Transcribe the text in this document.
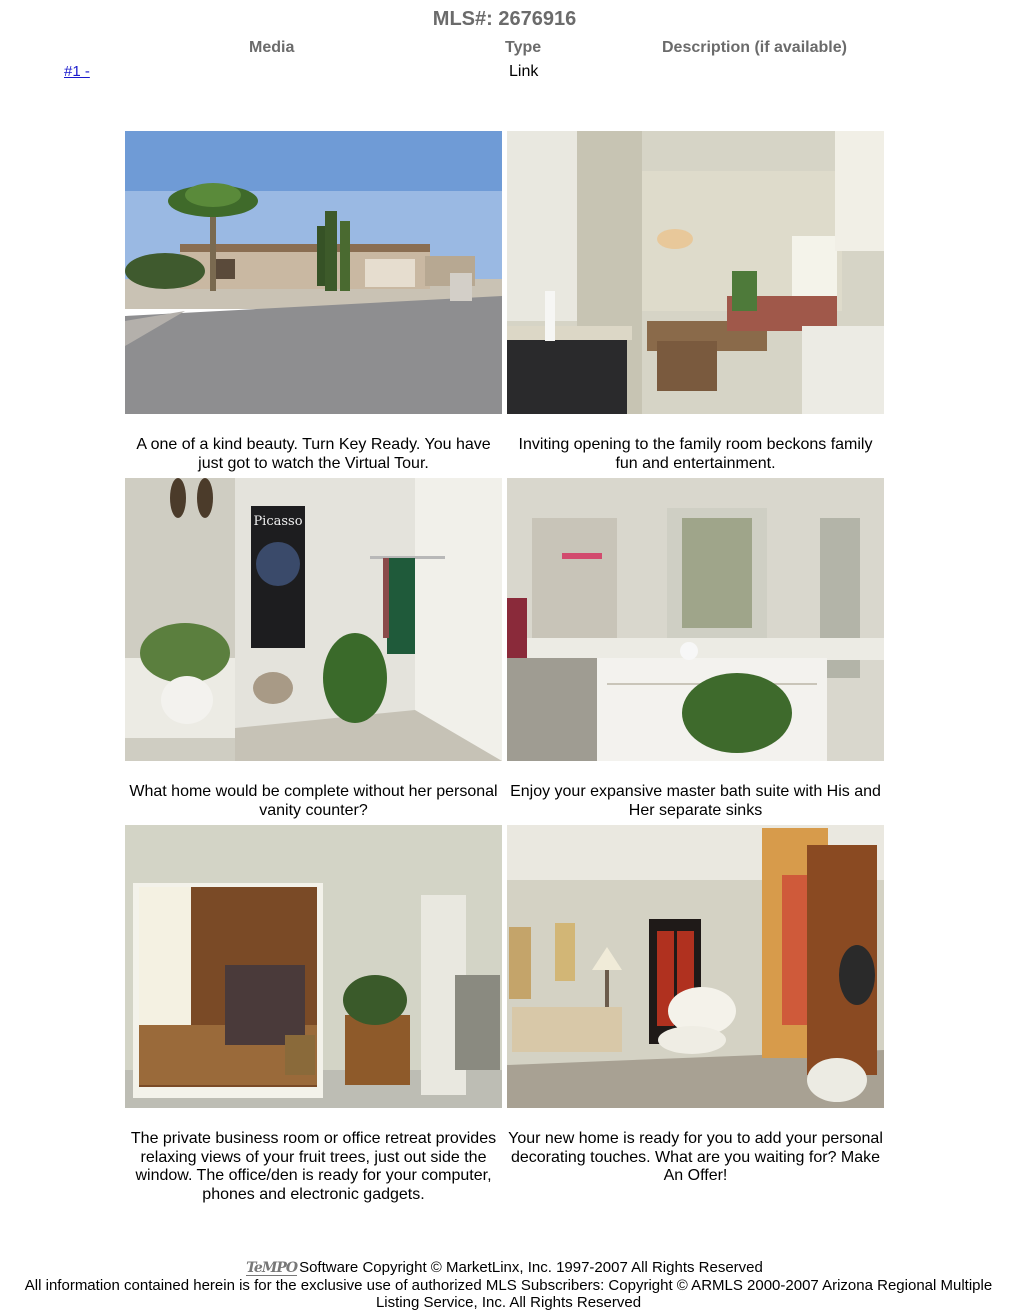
MLS#: 2676916
Media	Type	Description (if available)
#1 -	Link
A one of a kind beauty. Turn Key Ready. You have just got to watch the Virtual Tour.
Inviting opening to the family room beckons family fun and entertainment.
Picasso
What home would be complete without her personal vanity counter?
Enjoy your expansive master bath suite with His and Her separate sinks
The private business room or office retreat provides relaxing views of your fruit trees, just out side the window. The office/den is ready for your computer, phones and electronic gadgets.
Your new home is ready for you to add your personal decorating touches. What are you waiting for? Make An Offer!
TeMPO Software Copyright © MarketLinx, Inc. 1997-2007 All Rights Reserved
All information contained herein is for the exclusive use of authorized MLS Subscribers: Copyright © ARMLS 2000-2007 Arizona Regional Multiple Listing Service, Inc. All Rights Reserved
